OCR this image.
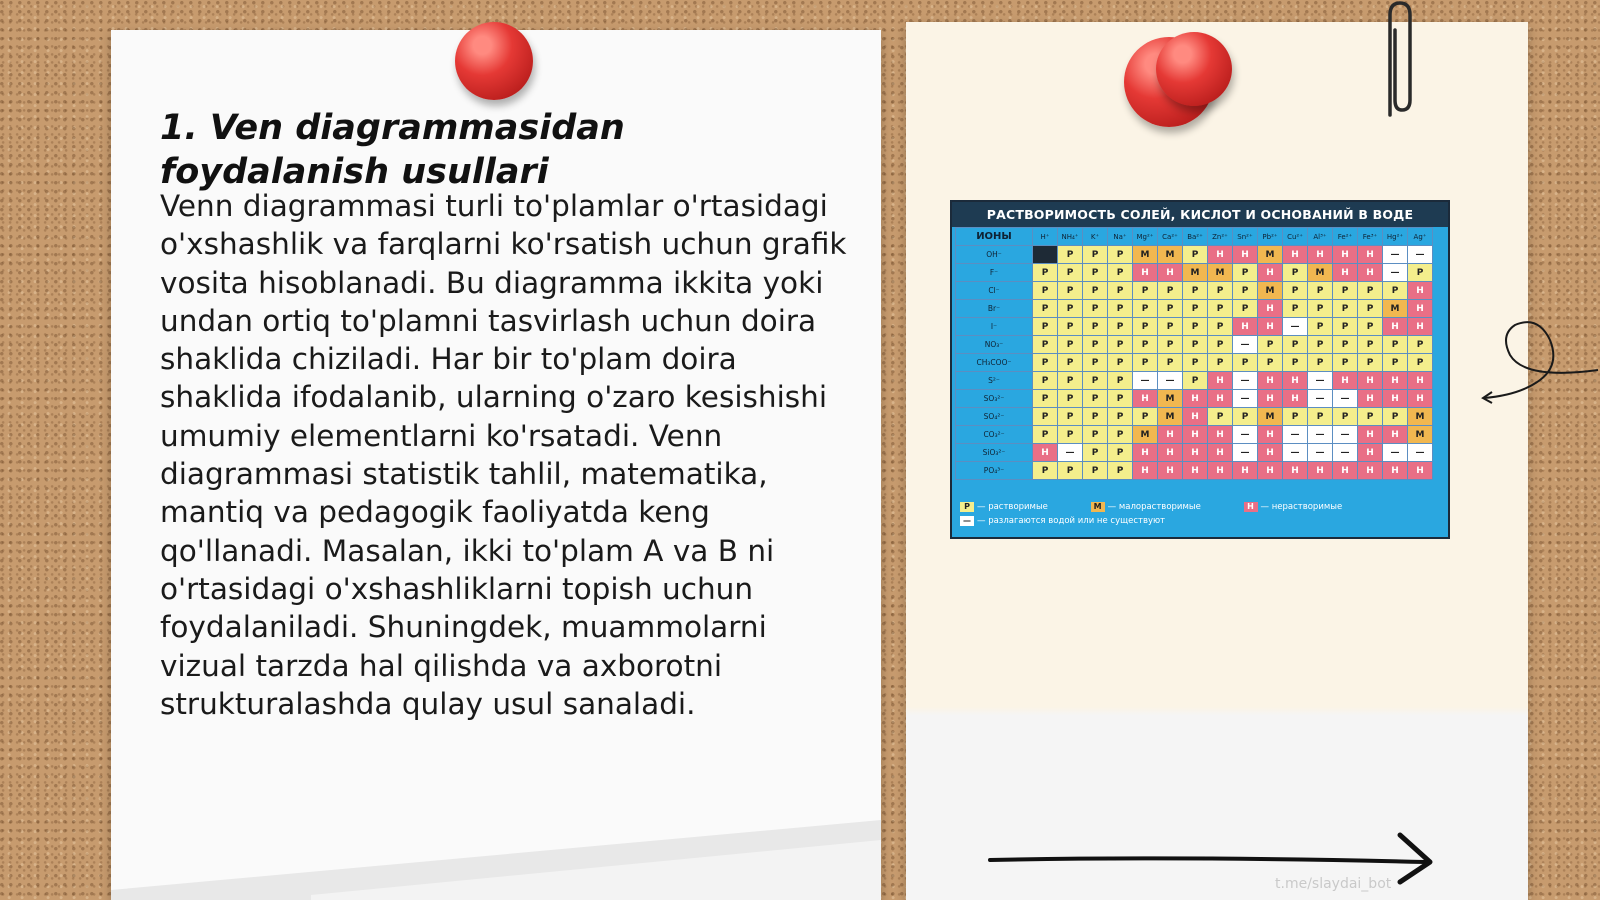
1. Ven diagrammasidan foydalanish usullari

Venn diagrammasi turli to'plamlar o'rtasidagi o'xshashlik va farqlarni ko'rsatish uchun grafik vosita hisoblanadi. Bu diagramma ikkita yoki undan ortiq to'plamni tasvirlash uchun doira shaklida chiziladi. Har bir to'plam doira shaklida ifodalanib, ularning o'zaro kesishishi umumiy elementlarni ko'rsatadi. Venn diagrammasi statistik tahlil, matematika, mantiq va pedagogik faoliyatda keng qo'llanadi. Masalan, ikki to'plam A va B ni o'rtasidagi o'xshashliklarni topish uchun foydalaniladi. Shuningdek, muammolarni vizual tarzda hal qilishda va axborotni strukturalashda qulay usul sanaladi.

РАСТВОРИМОСТЬ СОЛЕЙ, КИСЛОТ И ОСНОВАНИЙ В ВОДЕ
ИОНЫ	H⁺	NH₄⁺	K⁺	Na⁺	Mg²⁺	Ca²⁺	Ba²⁺	Zn²⁺	Sn²⁺	Pb²⁺	Cu²⁺	Al³⁺	Fe²⁺	Fe³⁺	Hg²⁺	Ag⁺
OH⁻		Р	Р	Р	М	М	Р	Н	Н	М	Н	Н	Н	Н	—	—
F⁻	Р	Р	Р	Р	Н	Н	М	М	Р	Н	Р	М	Н	Н	—	Р
Cl⁻	Р	Р	Р	Р	Р	Р	Р	Р	Р	М	Р	Р	Р	Р	Р	Н
Br⁻	Р	Р	Р	Р	Р	Р	Р	Р	Р	Н	Р	Р	Р	Р	М	Н
I⁻	Р	Р	Р	Р	Р	Р	Р	Р	Н	Н	—	Р	Р	Р	Н	Н
NO₃⁻	Р	Р	Р	Р	Р	Р	Р	Р	—	Р	Р	Р	Р	Р	Р	Р
CH₃COO⁻	Р	Р	Р	Р	Р	Р	Р	Р	Р	Р	Р	Р	Р	Р	Р	Р
S²⁻	Р	Р	Р	Р	—	—	Р	Н	—	Н	Н	—	Н	Н	Н	Н
SO₃²⁻	Р	Р	Р	Р	Н	М	Н	Н	—	Н	Н	—	—	Н	Н	Н
SO₄²⁻	Р	Р	Р	Р	Р	М	Н	Р	Р	М	Р	Р	Р	Р	Р	М
CO₃²⁻	Р	Р	Р	Р	М	Н	Н	Н	—	Н	—	—	—	Н	Н	М
SiO₃²⁻	Н	—	Р	Р	Н	Н	Н	Н	—	Н	—	—	—	Н	—	—
PO₄³⁻	Р	Р	Р	Р	Н	Н	Н	Н	Н	Н	Н	Н	Н	Н	Н	Н
Р — растворимые
	М — малорастворимые
	Н — нерастворимые

— — разлагаются водой или не существуют
t.me/slaydai_bot
